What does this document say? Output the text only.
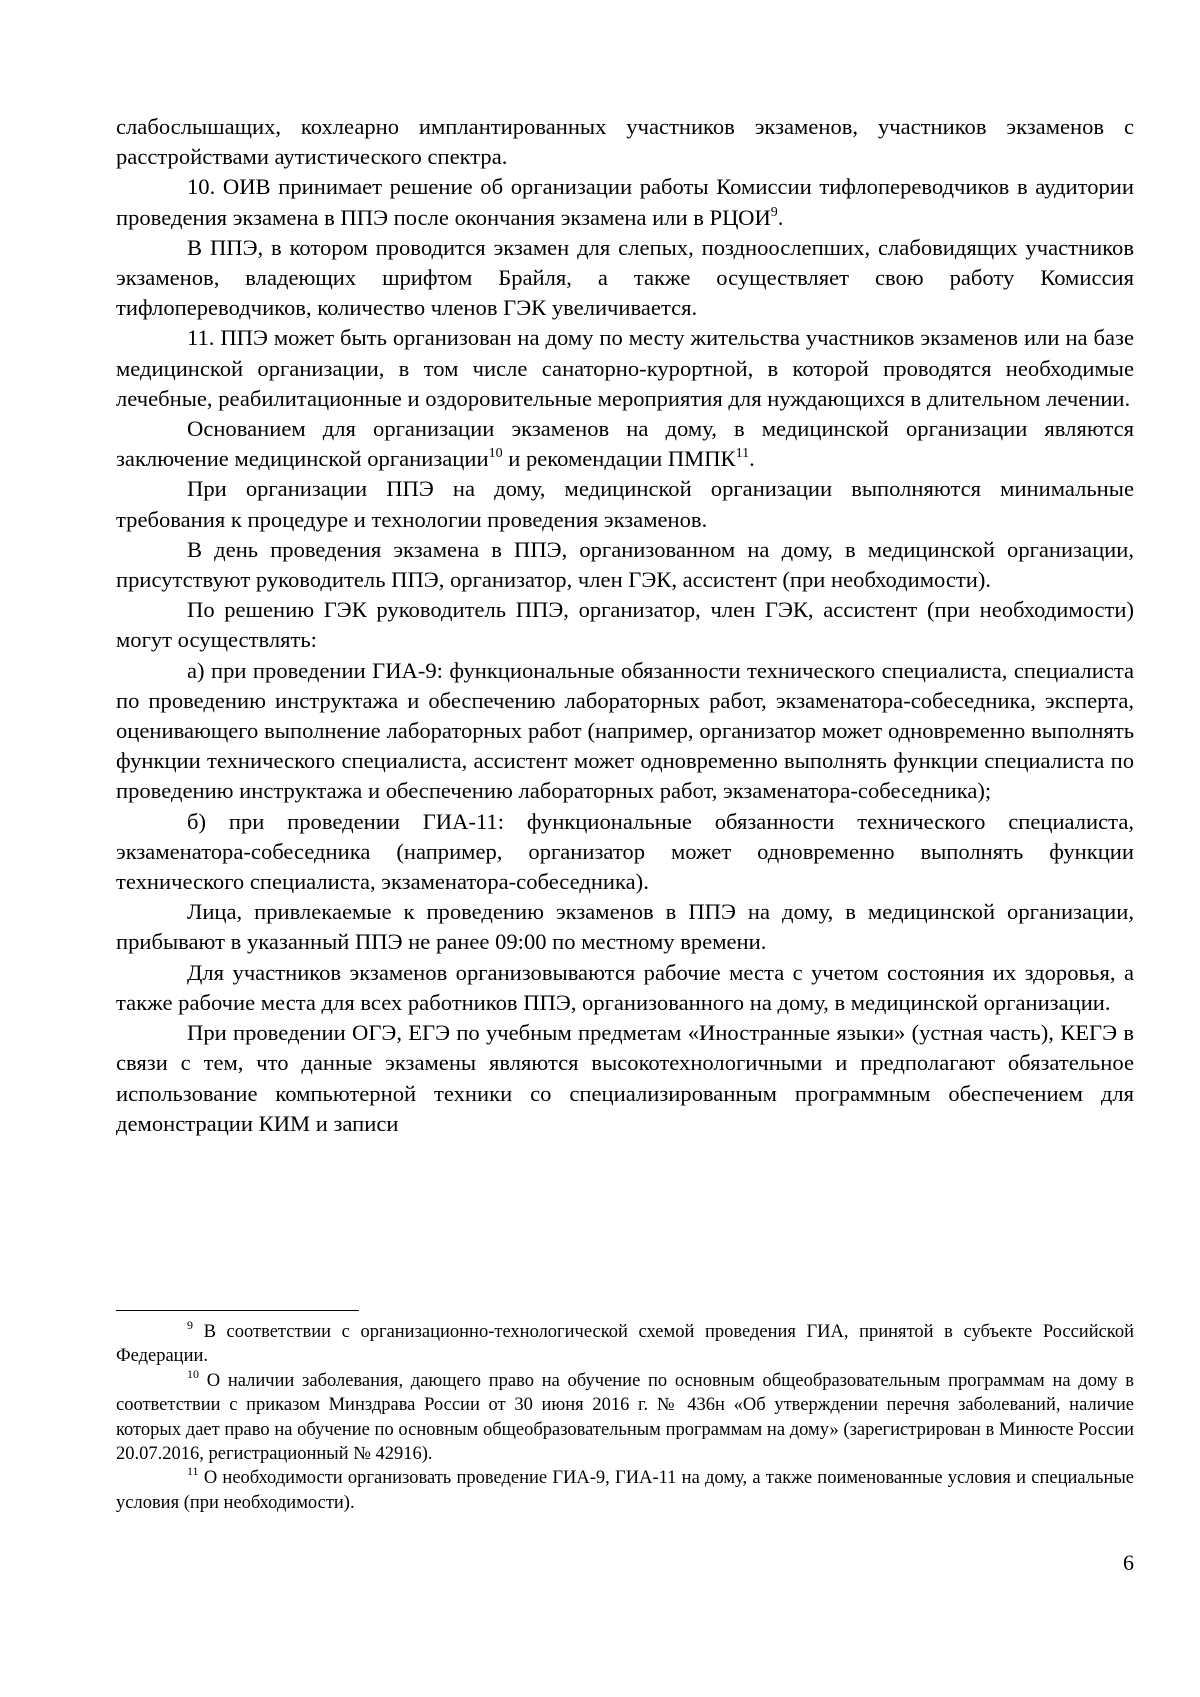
слабослышащих, кохлеарно имплантированных участников экзаменов, участников экзаменов с расстройствами аутистического спектра.

10. ОИВ принимает решение об организации работы Комиссии тифлопереводчиков в аудитории проведения экзамена в ППЭ после окончания экзамена или в РЦОИ$^9$.

В ППЭ, в котором проводится экзамен для слепых, поздноослепших, слабовидящих участников экзаменов, владеющих шрифтом Брайля, а также осуществляет свою работу Комиссия тифлопереводчиков, количество членов ГЭК увеличивается.

11. ППЭ может быть организован на дому по месту жительства участников экзаменов или на базе медицинской организации, в том числе санаторно-курортной, в которой проводятся необходимые лечебные, реабилитационные и оздоровительные мероприятия для нуждающихся в длительном лечении.

Основанием для организации экзаменов на дому, в медицинской организации являются заключение медицинской организации$^{10}$ и рекомендации ПМПК$^{11}$.

При организации ППЭ на дому, медицинской организации выполняются минимальные требования к процедуре и технологии проведения экзаменов.

В день проведения экзамена в ППЭ, организованном на дому, в медицинской организации, присутствуют руководитель ППЭ, организатор, член ГЭК, ассистент (при необходимости).

По решению ГЭК руководитель ППЭ, организатор, член ГЭК, ассистент (при необходимости) могут осуществлять:

а) при проведении ГИА-9: функциональные обязанности технического специалиста, специалиста по проведению инструктажа и обеспечению лабораторных работ, экзаменатора-собеседника, эксперта, оценивающего выполнение лабораторных работ (например, организатор может одновременно выполнять функции технического специалиста, ассистент может одновременно выполнять функции специалиста по проведению инструктажа и обеспечению лабораторных работ, экзаменатора-собеседника);

б) при проведении ГИА-11: функциональные обязанности технического специалиста, экзаменатора-собеседника (например, организатор может одновременно выполнять функции технического специалиста, экзаменатора-собеседника).

Лица, привлекаемые к проведению экзаменов в ППЭ на дому, в медицинской организации, прибывают в указанный ППЭ не ранее 09:00 по местному времени.

Для участников экзаменов организовываются рабочие места с учетом состояния их здоровья, а также рабочие места для всех работников ППЭ, организованного на дому, в медицинской организации.

При проведении ОГЭ, ЕГЭ по учебным предметам «Иностранные языки» (устная часть), КЕГЭ в связи с тем, что данные экзамены являются высокотехнологичными и предполагают обязательное использование компьютерной техники со специализированным программным обеспечением для демонстрации КИМ и записи

$^9$ В соответствии с организационно-технологической схемой проведения ГИА, принятой в субъекте Российской Федерации.

$^{10}$ О наличии заболевания, дающего право на обучение по основным общеобразовательным программам на дому в соответствии с приказом Минздрава России от 30 июня 2016 г. № 436н «Об утверждении перечня заболеваний, наличие которых дает право на обучение по основным общеобразовательным программам на дому» (зарегистрирован в Минюсте России 20.07.2016, регистрационный № 42916).

$^{11}$ О необходимости организовать проведение ГИА-9, ГИА-11 на дому, а также поименованные условия и специальные условия (при необходимости).

6
